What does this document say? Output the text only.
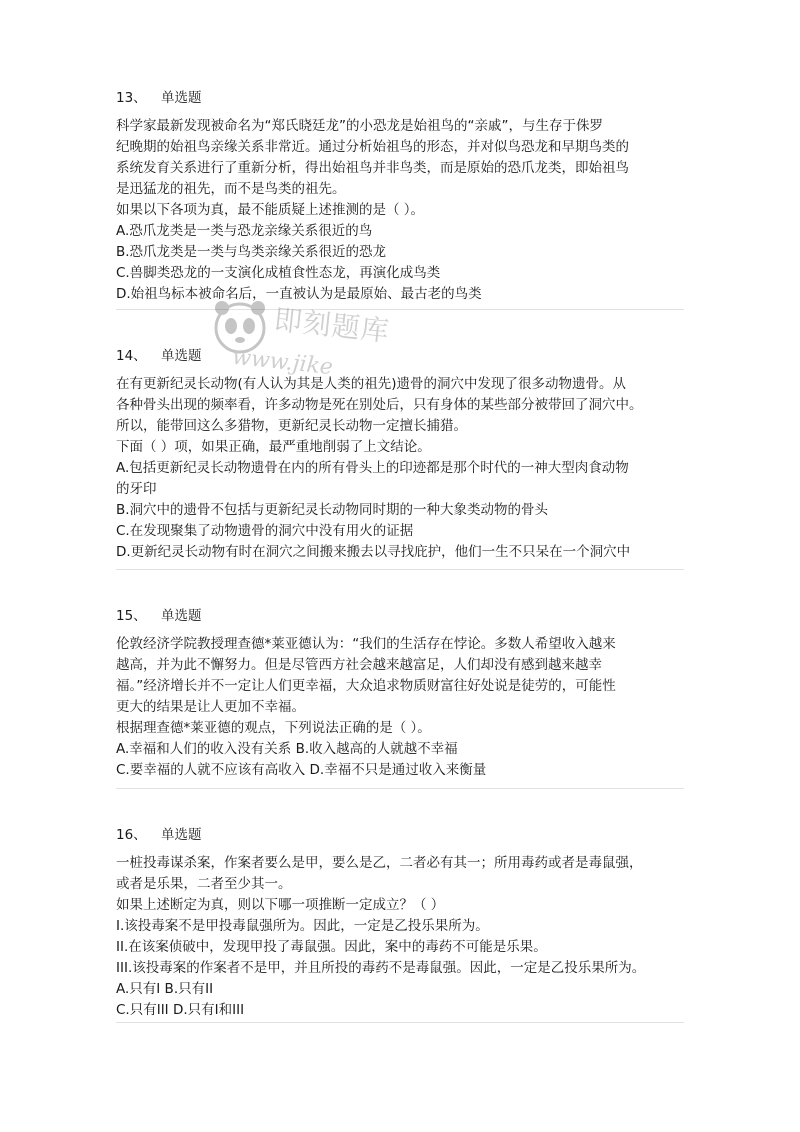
13、 单选题
科学家最新发现被命名为“郑氏晓廷龙”的小恐龙是始祖鸟的“亲戚”，与生存于侏罗
纪晚期的始祖鸟亲缘关系非常近。通过分析始祖鸟的形态，并对似鸟恐龙和早期鸟类的
系统发育关系进行了重新分析，得出始祖鸟并非鸟类，而是原始的恐爪龙类，即始祖鸟
是迅猛龙的祖先，而不是鸟类的祖先。
如果以下各项为真，最不能质疑上述推测的是（ ）。
A.恐爪龙类是一类与恐龙亲缘关系很近的鸟
B.恐爪龙类是一类与鸟类亲缘关系很近的恐龙
C.兽脚类恐龙的一支演化成植食性态龙，再演化成鸟类
D.始祖鸟标本被命名后，一直被认为是最原始、最古老的鸟类
14、 单选题
在有更新纪灵长动物(有人认为其是人类的祖先)遗骨的洞穴中发现了很多动物遗骨。从
各种骨头出现的频率看，许多动物是死在别处后，只有身体的某些部分被带回了洞穴中。
所以，能带回这么多猎物，更新纪灵长动物一定擅长捕猎。
下面（ ）项，如果正确，最严重地削弱了上文结论。
A.包括更新纪灵长动物遗骨在内的所有骨头上的印迹都是那个时代的一神大型肉食动物
的牙印
B.洞穴中的遗骨不包括与更新纪灵长动物同时期的一种大象类动物的骨头
C.在发现聚集了动物遗骨的洞穴中没有用火的证据
D.更新纪灵长动物有时在洞穴之间搬来搬去以寻找庇护，他们一生不只呆在一个洞穴中
15、 单选题
伦敦经济学院教授理查德*莱亚德认为：“我们的生活存在悖论。多数人希望收入越来
越高，并为此不懈努力。但是尽管西方社会越来越富足，人们却没有感到越来越幸
福。”经济增长并不一定让人们更幸福，大众追求物质财富往好处说是徒劳的，可能性
更大的结果是让人更加不幸福。
根据理查德*莱亚德的观点，下列说法正确的是（ ）。
A.幸福和人们的收入没有关系 B.收入越高的人就越不幸福
C.要幸福的人就不应该有高收入 D.幸福不只是通过收入来衡量
16、 单选题
一桩投毒谋杀案，作案者要么是甲，要么是乙，二者必有其一；所用毒药或者是毒鼠强，
或者是乐果，二者至少其一。
如果上述断定为真，则以下哪一项推断一定成立？（ ）
I.该投毒案不是甲投毒鼠强所为。因此，一定是乙投乐果所为。
II.在该案侦破中，发现甲投了毒鼠强。因此，案中的毒药不可能是乐果。
III.该投毒案的作案者不是甲，并且所投的毒药不是毒鼠强。因此，一定是乙投乐果所为。
A.只有I B.只有II
C.只有III D.只有I和III
即刻题库
www.jike
